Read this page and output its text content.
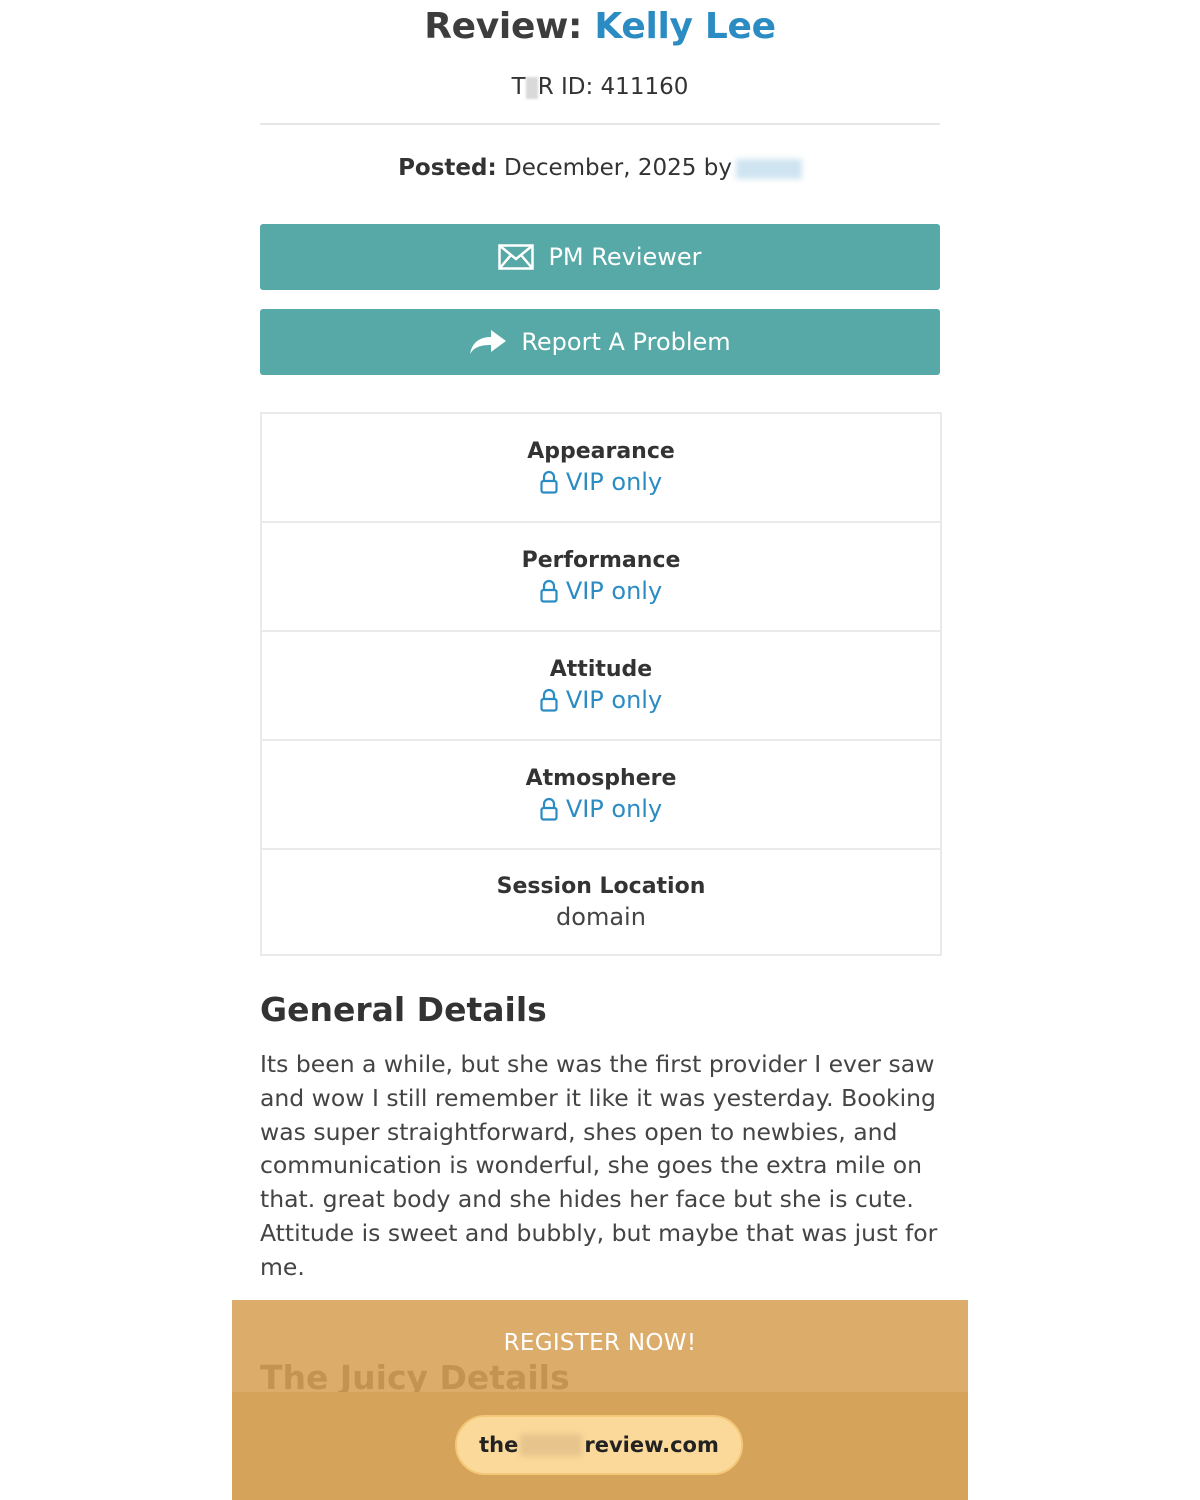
Review: Kelly Lee
T R ID: 411160
Posted: December, 2025 by
PM Reviewer
Report A Problem
Appearance
VIP only
Performance
VIP only
Attitude
VIP only
Atmosphere
VIP only
Session Location
domain
General Details
Its been a while, but she was the first provider I ever saw
and wow I still remember it like it was yesterday. Booking
was super straightforward, shes open to newbies, and
communication is wonderful, she goes the extra mile on
that. great body and she hides her face but she is cute.
Attitude is sweet and bubbly, but maybe that was just for
me.
REGISTER NOW!
the	review.com
